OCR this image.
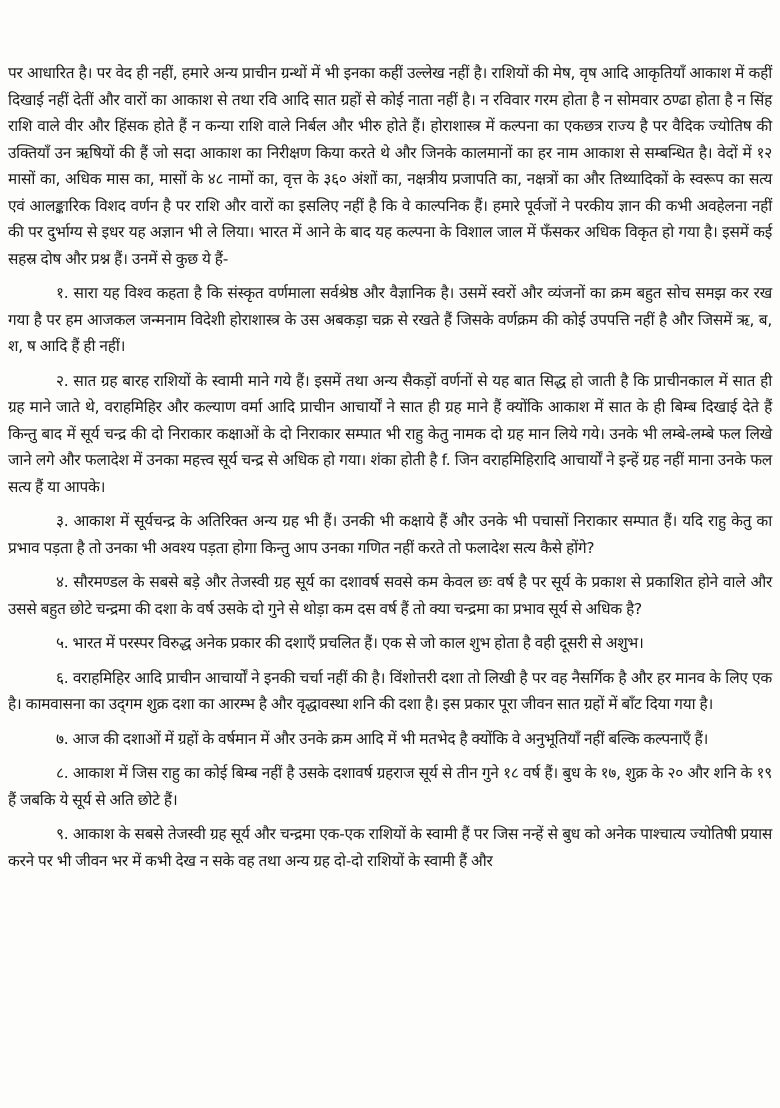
पर आधारित है। पर वेद ही नहीं, हमारे अन्य प्राचीन ग्रन्थों में भी इनका कहीं उल्लेख नहीं है। राशियों की मेष, वृष आदि आकृतियाँ आकाश में कहीं दिखाई नहीं देतीं और वारों का आकाश से तथा रवि आदि सात ग्रहों से कोई नाता नहीं है। न रविवार गरम होता है न सोमवार ठण्ढा होता है न सिंह राशि वाले वीर और हिंसक होते हैं न कन्या राशि वाले निर्बल और भीरु होते हैं। होराशास्त्र में कल्पना का एकछत्र राज्य है पर वैदिक ज्योतिष की उक्तियाँ उन ऋषियों की हैं जो सदा आकाश का निरीक्षण किया करते थे और जिनके कालमानों का हर नाम आकाश से सम्बन्धित है। वेदों में १२ मासों का, अधिक मास का, मासों के ४८ नामों का, वृत्त के ३६० अंशों का, नक्षत्रीय प्रजापति का, नक्षत्रों का और तिथ्यादिकों के स्वरूप का सत्य एवं आलङ्कारिक विशद वर्णन है पर राशि और वारों का इसलिए नहीं है कि वे काल्पनिक हैं। हमारे पूर्वजों ने परकीय ज्ञान की कभी अवहेलना नहीं की पर दुर्भाग्य से इधर यह अज्ञान भी ले लिया। भारत में आने के बाद यह कल्पना के विशाल जाल में फँसकर अधिक विकृत हो गया है। इसमें कई सहस्र दोष और प्रश्न हैं। उनमें से कुछ ये हैं-

१. सारा यह विश्व कहता है कि संस्कृत वर्णमाला सर्वश्रेष्ठ और वैज्ञानिक है। उसमें स्वरों और व्यंजनों का क्रम बहुत सोच समझ कर रख गया है पर हम आजकल जन्मनाम विदेशी होराशास्त्र के उस अबकड़ा चक्र से रखते हैं जिसके वर्णक्रम की कोई उपपत्ति नहीं है और जिसमें ऋ, ब, श, ष आदि हैं ही नहीं।

२. सात ग्रह बारह राशियों के स्वामी माने गये हैं। इसमें तथा अन्य सैकड़ों वर्णनों से यह बात सिद्ध हो जाती है कि प्राचीनकाल में सात ही ग्रह माने जाते थे, वराहमिहिर और कल्याण वर्मा आदि प्राचीन आचार्यों ने सात ही ग्रह माने हैं क्योंकि आकाश में सात के ही बिम्ब दिखाई देते हैं किन्तु बाद में सूर्य चन्द्र की दो निराकार कक्षाओं के दो निराकार सम्पात भी राहु केतु नामक दो ग्रह मान लिये गये। उनके भी लम्बे-लम्बे फल लिखे जाने लगे और फलादेश में उनका महत्त्व सूर्य चन्द्र से अधिक हो गया। शंका होती है f. जिन वराहमिहिरादि आचार्यों ने इन्हें ग्रह नहीं माना उनके फल सत्य हैं या आपके।

३. आकाश में सूर्यचन्द्र के अतिरिक्त अन्य ग्रह भी हैं। उनकी भी कक्षाये हैं और उनके भी पचासों निराकार सम्पात हैं। यदि राहु केतु का प्रभाव पड़ता है तो उनका भी अवश्य पड़ता होगा किन्तु आप उनका गणित नहीं करते तो फलादेश सत्य कैसे होंगे?

४. सौरमण्डल के सबसे बड़े और तेजस्वी ग्रह सूर्य का दशावर्ष सवसे कम केवल छः वर्ष है पर सूर्य के प्रकाश से प्रकाशित होने वाले और उससे बहुत छोटे चन्द्रमा की दशा के वर्ष उसके दो गुने से थोड़ा कम दस वर्ष हैं तो क्या चन्द्रमा का प्रभाव सूर्य से अधिक है?

५. भारत में परस्पर विरुद्ध अनेक प्रकार की दशाएँ प्रचलित हैं। एक से जो काल शुभ होता है वही दूसरी से अशुभ।

६. वराहमिहिर आदि प्राचीन आचार्यों ने इनकी चर्चा नहीं की है। विंशोत्तरी दशा तो लिखी है पर वह नैसर्गिक है और हर मानव के लिए एक है। कामवासना का उद्‌गम शुक्र दशा का आरम्भ है और वृद्धावस्था शनि की दशा है। इस प्रकार पूरा जीवन सात ग्रहों में बाँट दिया गया है।

७. आज की दशाओं में ग्रहों के वर्षमान में और उनके क्रम आदि में भी मतभेद है क्योंकि वे अनुभूतियाँ नहीं बल्कि कल्पनाएँ हैं।

८. आकाश में जिस राहु का कोई बिम्ब नहीं है उसके दशावर्ष ग्रहराज सूर्य से तीन गुने १८ वर्ष हैं। बुध के १७, शुक्र के २० और शनि के १९ हैं जबकि ये सूर्य से अति छोटे हैं।

९. आकाश के सबसे तेजस्वी ग्रह सूर्य और चन्द्रमा एक-एक राशियों के स्वामी हैं पर जिस नन्हें से बुध को अनेक पाश्चात्य ज्योतिषी प्रयास करने पर भी जीवन भर में कभी देख न सके वह तथा अन्य ग्रह दो-दो राशियों के स्वामी हैं और
